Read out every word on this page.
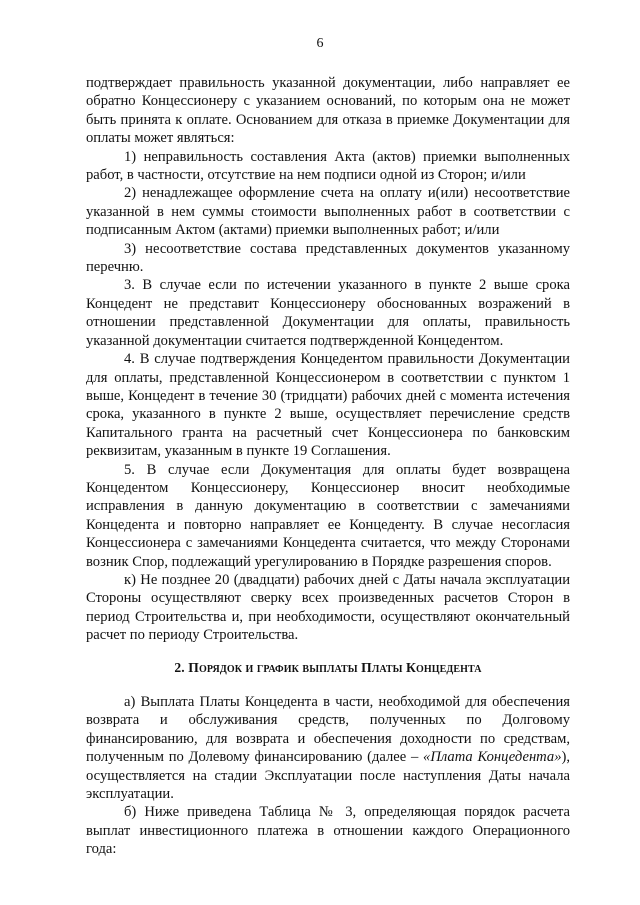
6

подтверждает правильность указанной документации, либо направляет ее обратно Концессионеру с указанием оснований, по которым она не может быть принята к оплате. Основанием для отказа в приемке Документации для оплаты может являться:

1) неправильность составления Акта (актов) приемки выполненных работ, в частности, отсутствие на нем подписи одной из Сторон; и/или

2) ненадлежащее оформление счета на оплату и(или) несоответствие указанной в нем суммы стоимости выполненных работ в соответствии с подписанным Актом (актами) приемки выполненных работ; и/или

3) несоответствие состава представленных документов указанному перечню.

3. В случае если по истечении указанного в пункте 2 выше срока Концедент не представит Концессионеру обоснованных возражений в отношении представленной Документации для оплаты, правильность указанной документации считается подтвержденной Концедентом.

4. В случае подтверждения Концедентом правильности Документации для оплаты, представленной Концессионером в соответствии с пунктом 1 выше, Концедент в течение 30 (тридцати) рабочих дней с момента истечения срока, указанного в пункте 2 выше, осуществляет перечисление средств Капитального гранта на расчетный счет Концессионера по банковским реквизитам, указанным в пункте 19 Соглашения.

5. В случае если Документация для оплаты будет возвращена Концедентом Концессионеру, Концессионер вносит необходимые исправления в данную документацию в соответствии с замечаниями Концедента и повторно направляет ее Концеденту. В случае несогласия Концессионера с замечаниями Концедента считается, что между Сторонами возник Спор, подлежащий урегулированию в Порядке разрешения споров.

к) Не позднее 20 (двадцати) рабочих дней с Даты начала эксплуатации Стороны осуществляют сверку всех произведенных расчетов Сторон в период Строительства и, при необходимости, осуществляют окончательный расчет по периоду Строительства.

2. Порядок и график выплаты Платы Концедента

а) Выплата Платы Концедента в части, необходимой для обеспечения возврата и обслуживания средств, полученных по Долговому финансированию, для возврата и обеспечения доходности по средствам, полученным по Долевому финансированию (далее – «Плата Концедента»), осуществляется на стадии Эксплуатации после наступления Даты начала эксплуатации.

б) Ниже приведена Таблица № 3, определяющая порядок расчета выплат инвестиционного платежа в отношении каждого Операционного года:
